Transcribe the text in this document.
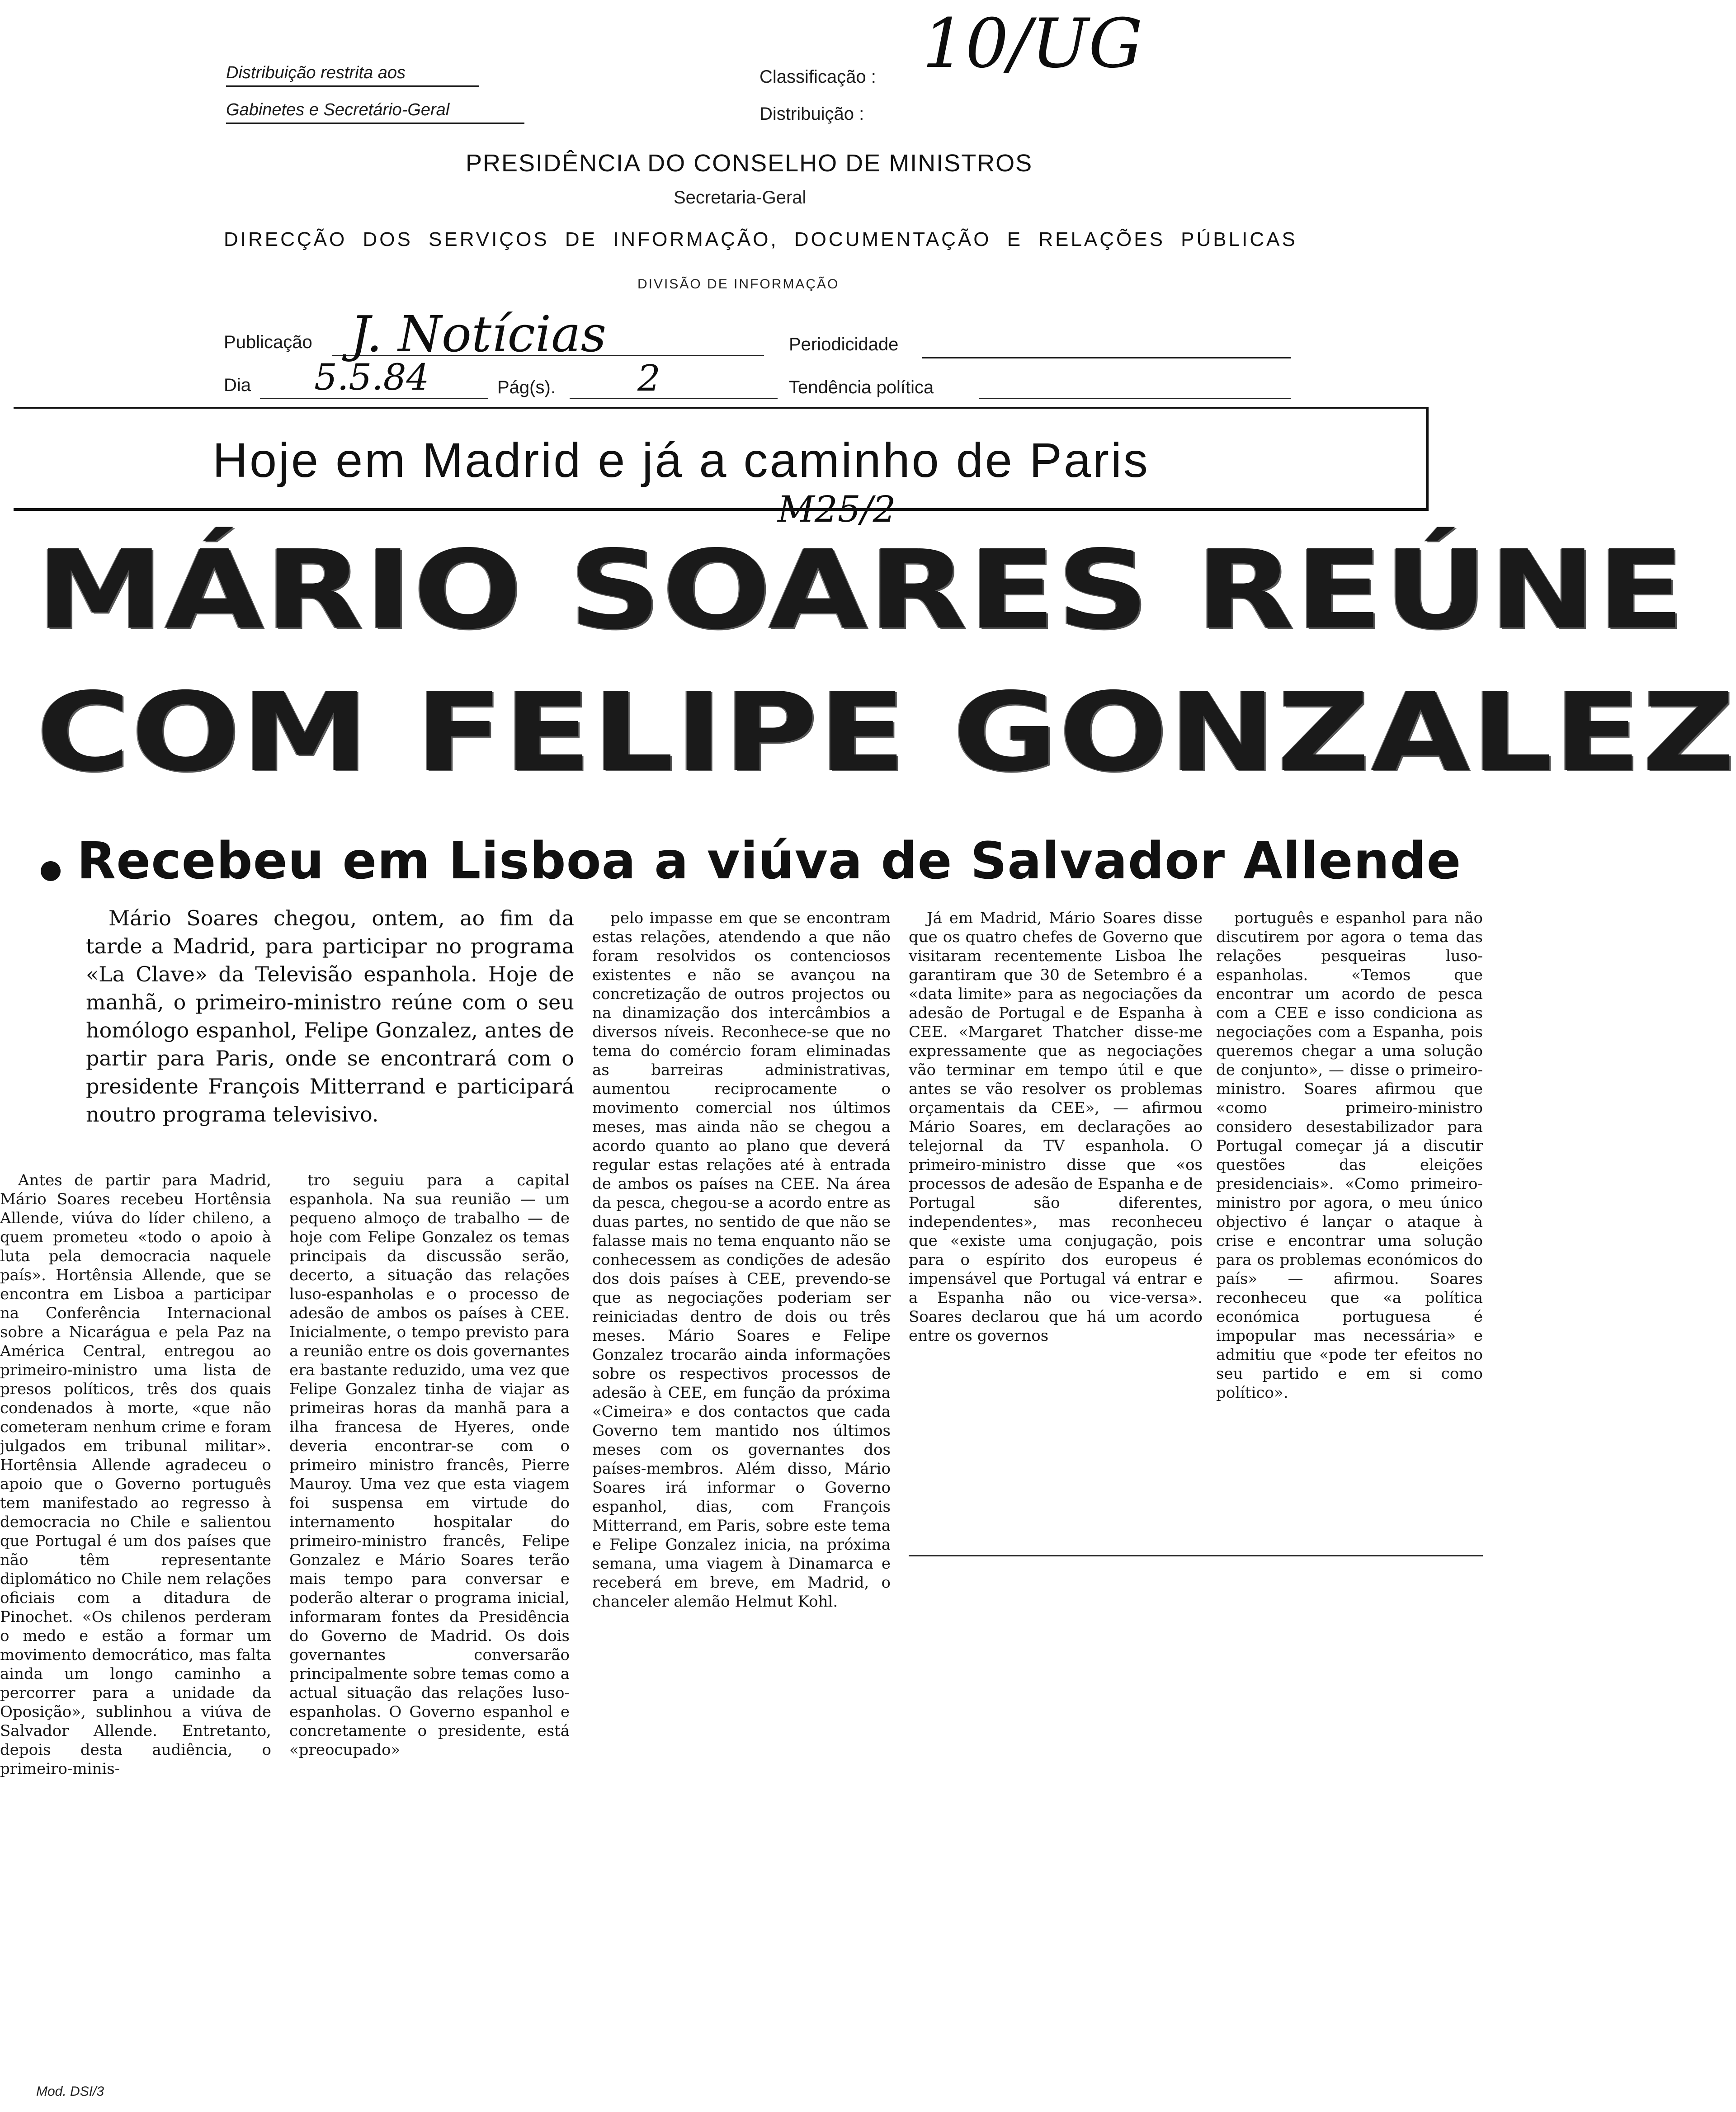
Distribuição restrita aos
Gabinetes e Secretário-Geral
Classificação :
Distribuição :
10/UG
PRESIDÊNCIA DO CONSELHO DE MINISTROS
Secretaria-Geral
DIRECÇÃO DOS SERVIÇOS DE INFORMAÇÃO, DOCUMENTAÇÃO E RELAÇÕES PÚBLICAS
DIVISÃO DE INFORMAÇÃO
Publicação J. Notícias	Periodicidade
Dia 5.5.84	Pág(s). 2	Tendência política
Hoje em Madrid e já a caminho de Paris
M25/2
MÁRIO SOARES REÚNE
COM FELIPE GONZALEZ
Recebeu em Lisboa a viúva de Salvador Allende
Mário Soares chegou, ontem, ao fim da tarde a Madrid, para participar no programa «La Clave» da Televisão espanhola. Hoje de manhã, o primeiro-ministro reúne com o seu homólogo espanhol, Felipe Gonzalez, antes de partir para Paris, onde se encontrará com o presidente François Mitterrand e participará noutro programa televisivo.

Antes de partir para Madrid, Mário Soares recebeu Hortênsia Allende, viúva do líder chileno, a quem prometeu «todo o apoio à luta pela democracia naquele país». Hortênsia Allende, que se encontra em Lisboa a participar na Conferência Internacional sobre a Nicarágua e pela Paz na América Central, entregou ao primeiro-ministro uma lista de presos políticos, três dos quais condenados à morte, «que não cometeram nenhum crime e foram julgados em tribunal militar». Hortênsia Allende agradeceu o apoio que o Governo português tem manifestado ao regresso à democracia no Chile e salientou que Portugal é um dos países que não têm representante diplomático no Chile nem relações oficiais com a ditadura de Pinochet. «Os chilenos perderam o medo e estão a formar um movimento democrático, mas falta ainda um longo caminho a percorrer para a unidade da Oposição», sublinhou a viúva de Salvador Allende. Entretanto, depois desta audiência, o primeiro-minis-

tro seguiu para a capital espanhola. Na sua reunião — um pequeno almoço de trabalho — de hoje com Felipe Gonzalez os temas principais da discussão serão, decerto, a situação das relações luso-espanholas e o processo de adesão de ambos os países à CEE. Inicialmente, o tempo previsto para a reunião entre os dois governantes era bastante reduzido, uma vez que Felipe Gonzalez tinha de viajar as primeiras horas da manhã para a ilha francesa de Hyeres, onde deveria encontrar-se com o primeiro ministro francês, Pierre Mauroy. Uma vez que esta viagem foi suspensa em virtude do internamento hospitalar do primeiro-ministro francês, Felipe Gonzalez e Mário Soares terão mais tempo para conversar e poderão alterar o programa inicial, informaram fontes da Presidência do Governo de Madrid. Os dois governantes conversarão principalmente sobre temas como a actual situação das relações luso-espanholas. O Governo espanhol e concretamente o presidente, está «preocupado»

pelo impasse em que se encontram estas relações, atendendo a que não foram resolvidos os contenciosos existentes e não se avançou na concretização de outros projectos ou na dinamização dos intercâmbios a diversos níveis. Reconhece-se que no tema do comércio foram eliminadas as barreiras administrativas, aumentou reciprocamente o movimento comercial nos últimos meses, mas ainda não se chegou a acordo quanto ao plano que deverá regular estas relações até à entrada de ambos os países na CEE. Na área da pesca, chegou-se a acordo entre as duas partes, no sentido de que não se falasse mais no tema enquanto não se conhecessem as condições de adesão dos dois países à CEE, prevendo-se que as negociações poderiam ser reiniciadas dentro de dois ou três meses. Mário Soares e Felipe Gonzalez trocarão ainda informações sobre os respectivos processos de adesão à CEE, em função da próxima «Cimeira» e dos contactos que cada Governo tem mantido nos últimos meses com os governantes dos países-membros. Além disso, Mário Soares irá informar o Governo espanhol, dias, com François Mitterrand, em Paris, sobre este tema e Felipe Gonzalez inicia, na próxima semana, uma viagem à Dinamarca e receberá em breve, em Madrid, o chanceler alemão Helmut Kohl.

Já em Madrid, Mário Soares disse que os quatro chefes de Governo que visitaram recentemente Lisboa lhe garantiram que 30 de Setembro é a «data limite» para as negociações da adesão de Portugal e de Espanha à CEE. «Margaret Thatcher disse-me expressamente que as negociações vão terminar em tempo útil e que antes se vão resolver os problemas orçamentais da CEE», — afirmou Mário Soares, em declarações ao telejornal da TV espanhola. O primeiro-ministro disse que «os processos de adesão de Espanha e de Portugal são diferentes, independentes», mas reconheceu que «existe uma conjugação, pois para o espírito dos europeus é impensável que Portugal vá entrar e a Espanha não ou vice-versa». Soares declarou que há um acordo entre os governos

português e espanhol para não discutirem por agora o tema das relações pesqueiras luso-espanholas. «Temos que encontrar um acordo de pesca com a CEE e isso condiciona as negociações com a Espanha, pois queremos chegar a uma solução de conjunto», — disse o primeiro-ministro. Soares afirmou que «como primeiro-ministro considero desestabilizador para Portugal começar já a discutir questões das eleições presidenciais». «Como primeiro-ministro por agora, o meu único objectivo é lançar o ataque à crise e encontrar uma solução para os problemas económicos do país» — afirmou. Soares reconheceu que «a política económica portuguesa é impopular mas necessária» e admitiu que «pode ter efeitos no seu partido e em si como político».

Mod. DSI/3
